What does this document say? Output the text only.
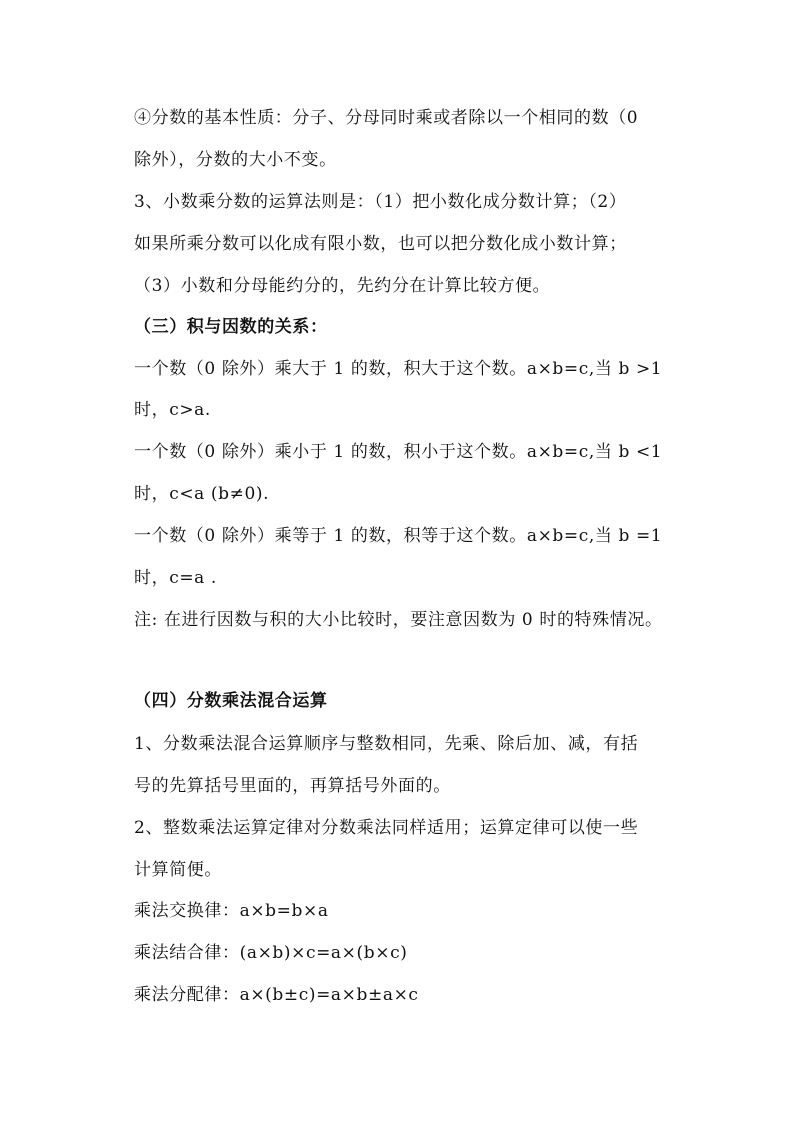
④分数的基本性质：分子、分母同时乘或者除以一个相同的数（0
除外），分数的大小不变。
3、小数乘分数的运算法则是：（1）把小数化成分数计算；（2）
如果所乘分数可以化成有限小数，也可以把分数化成小数计算；
（3）小数和分母能约分的，先约分在计算比较方便。
（三）积与因数的关系：
一个数（0 除外）乘大于 1 的数，积大于这个数。a×b=c,当 b >1
时，c>a.
一个数（0 除外）乘小于 1 的数，积小于这个数。a×b=c,当 b <1
时，c<a (b≠0).
一个数（0 除外）乘等于 1 的数，积等于这个数。a×b=c,当 b =1
时，c=a .
注: 在进行因数与积的大小比较时，要注意因数为 0 时的特殊情况。
（四）分数乘法混合运算
1、分数乘法混合运算顺序与整数相同，先乘、除后加、减，有括
号的先算括号里面的，再算括号外面的。
2、整数乘法运算定律对分数乘法同样适用；运算定律可以使一些
计算简便。
乘法交换律：a×b=b×a
乘法结合律：(a×b)×c=a×(b×c)
乘法分配律：a×(b±c)=a×b±a×c
